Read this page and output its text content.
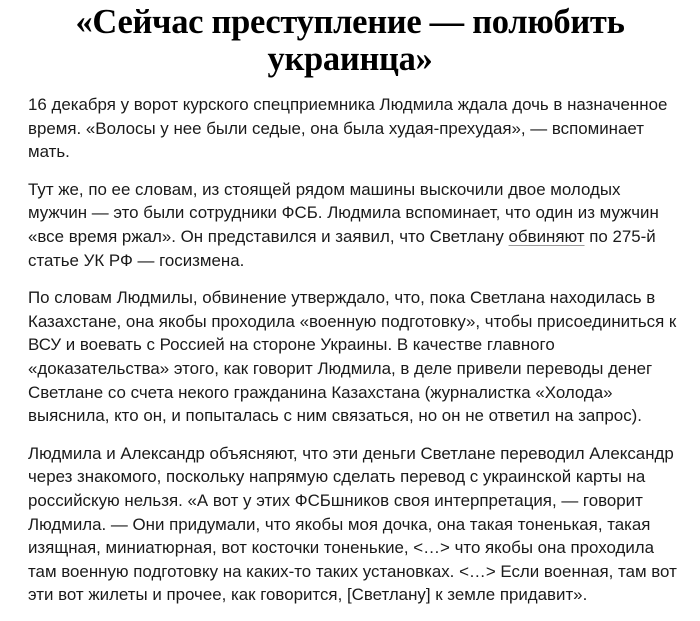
«Сейчас преступление — полюбить украинца»

16 декабря у ворот курского спецприемника Людмила ждала дочь в назначенное время. «Волосы у нее были седые, она была худая-прехудая», — вспоминает мать.

Тут же, по ее словам, из стоящей рядом машины выскочили двое молодых мужчин — это были сотрудники ФСБ. Людмила вспоминает, что один из мужчин «все время ржал». Он представился и заявил, что Светлану обвиняют по 275-й статье УК РФ — госизмена.

По словам Людмилы, обвинение утверждало, что, пока Светлана находилась в Казахстане, она якобы проходила «военную подготовку», чтобы присоединиться к ВСУ и воевать с Россией на стороне Украины. В качестве главного «доказательства» этого, как говорит Людмила, в деле привели переводы денег Светлане со счета некого гражданина Казахстана (журналистка «Холода» выяснила, кто он, и попыталась с ним связаться, но он не ответил на запрос).

Людмила и Александр объясняют, что эти деньги Светлане переводил Александр через знакомого, поскольку напрямую сделать перевод с украинской карты на российскую нельзя. «А вот у этих ФСБшников своя интерпретация, — говорит Людмила. — Они придумали, что якобы моя дочка, она такая тоненькая, такая изящная, миниатюрная, вот косточки тоненькие, <…> что якобы она проходила там военную подготовку на каких-то таких установках. <…> Если военная, там вот эти вот жилеты и прочее, как говорится, [Светлану] к земле придавит».
